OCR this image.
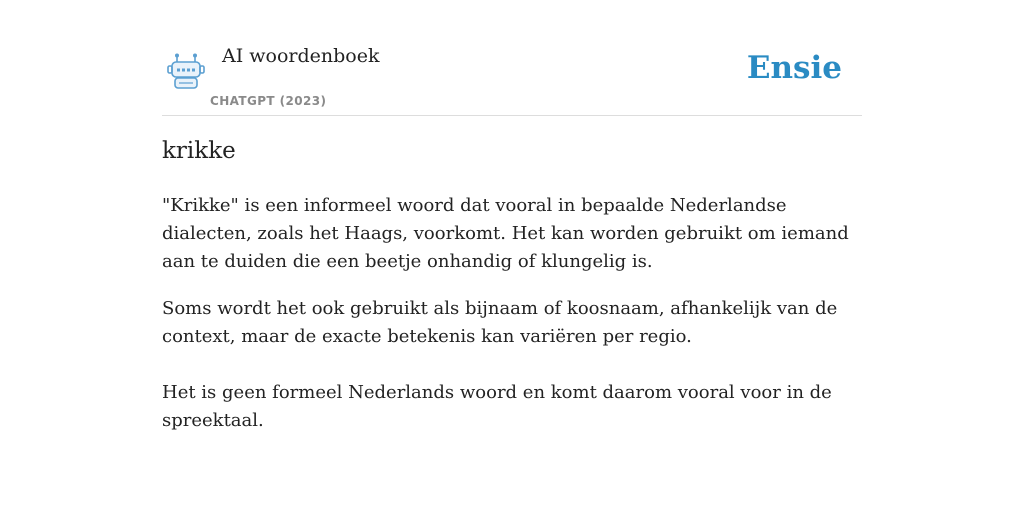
AI woordenboek
CHATGPT (2023)
Ensie
krikke

"Krikke" is een informeel woord dat vooral in bepaalde Nederlandse dialecten, zoals het Haags, voorkomt. Het kan worden gebruikt om iemand aan te duiden die een beetje onhandig of klungelig is.

Soms wordt het ook gebruikt als bijnaam of koosnaam, afhankelijk van de context, maar de exacte betekenis kan variëren per regio.

Het is geen formeel Nederlands woord en komt daarom vooral voor in de spreektaal.
